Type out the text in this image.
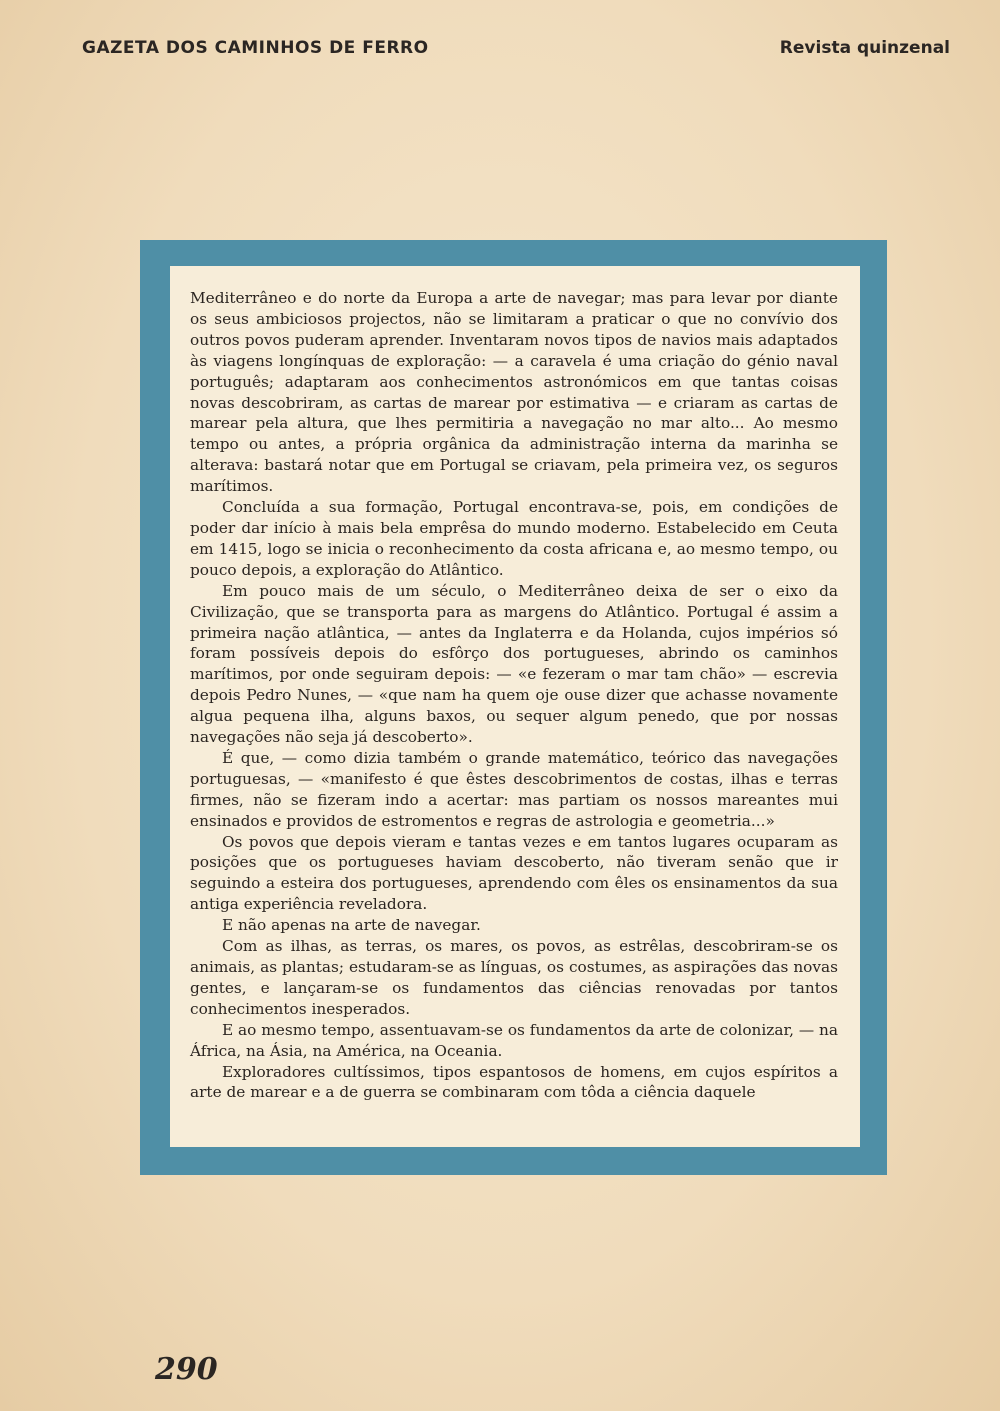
GAZETA DOS CAMINHOS DE FERRO	Revista quinzenal

Mediterrâneo e do norte da Europa a arte de navegar; mas para levar por diante os seus ambiciosos projectos, não se limitaram a praticar o que no convívio dos outros povos puderam aprender. Inventaram novos tipos de navios mais adaptados às viagens longínquas de exploração: — a caravela é uma criação do génio naval português; adaptaram aos conhecimentos astronómicos em que tantas coisas novas descobriram, as cartas de marear por estimativa — e criaram as cartas de marear pela altura, que lhes permitiria a navegação no mar alto... Ao mesmo tempo ou antes, a própria orgânica da administração interna da marinha se alterava: bastará notar que em Portugal se criavam, pela primeira vez, os seguros marítimos.

Concluída a sua formação, Portugal encontrava-se, pois, em condições de poder dar início à mais bela emprêsa do mundo moderno. Estabelecido em Ceuta em 1415, logo se inicia o reconhecimento da costa africana e, ao mesmo tempo, ou pouco depois, a exploração do Atlântico.

Em pouco mais de um século, o Mediterrâneo deixa de ser o eixo da Civilização, que se transporta para as margens do Atlântico. Portugal é assim a primeira nação atlântica, — antes da Inglaterra e da Holanda, cujos impérios só foram possíveis depois do esfôrço dos portugueses, abrindo os caminhos marítimos, por onde seguiram depois: — «e fezeram o mar tam chão» — escrevia depois Pedro Nunes, — «que nam ha quem oje ouse dizer que achasse novamente algua pequena ilha, alguns baxos, ou sequer algum penedo, que por nossas navegações não seja já descoberto».

É que, — como dizia também o grande matemático, teórico das navegações portuguesas, — «manifesto é que êstes descobrimentos de costas, ilhas e terras firmes, não se fizeram indo a acertar: mas partiam os nossos mareantes mui ensinados e providos de estromentos e regras de astrologia e geometria...»

Os povos que depois vieram e tantas vezes e em tantos lugares ocuparam as posições que os portugueses haviam descoberto, não tiveram senão que ir seguindo a esteira dos portugueses, aprendendo com êles os ensinamentos da sua antiga experiência reveladora.

E não apenas na arte de navegar.

Com as ilhas, as terras, os mares, os povos, as estrêlas, descobriram-se os animais, as plantas; estudaram-se as línguas, os costumes, as aspirações das novas gentes, e lançaram-se os fundamentos das ciências renovadas por tantos conhecimentos inesperados.

E ao mesmo tempo, assentuavam-se os fundamentos da arte de colonizar, — na África, na Ásia, na América, na Oceania.

Exploradores cultíssimos, tipos espantosos de homens, em cujos espíritos a arte de marear e a de guerra se combinaram com tôda a ciência daquele

290
